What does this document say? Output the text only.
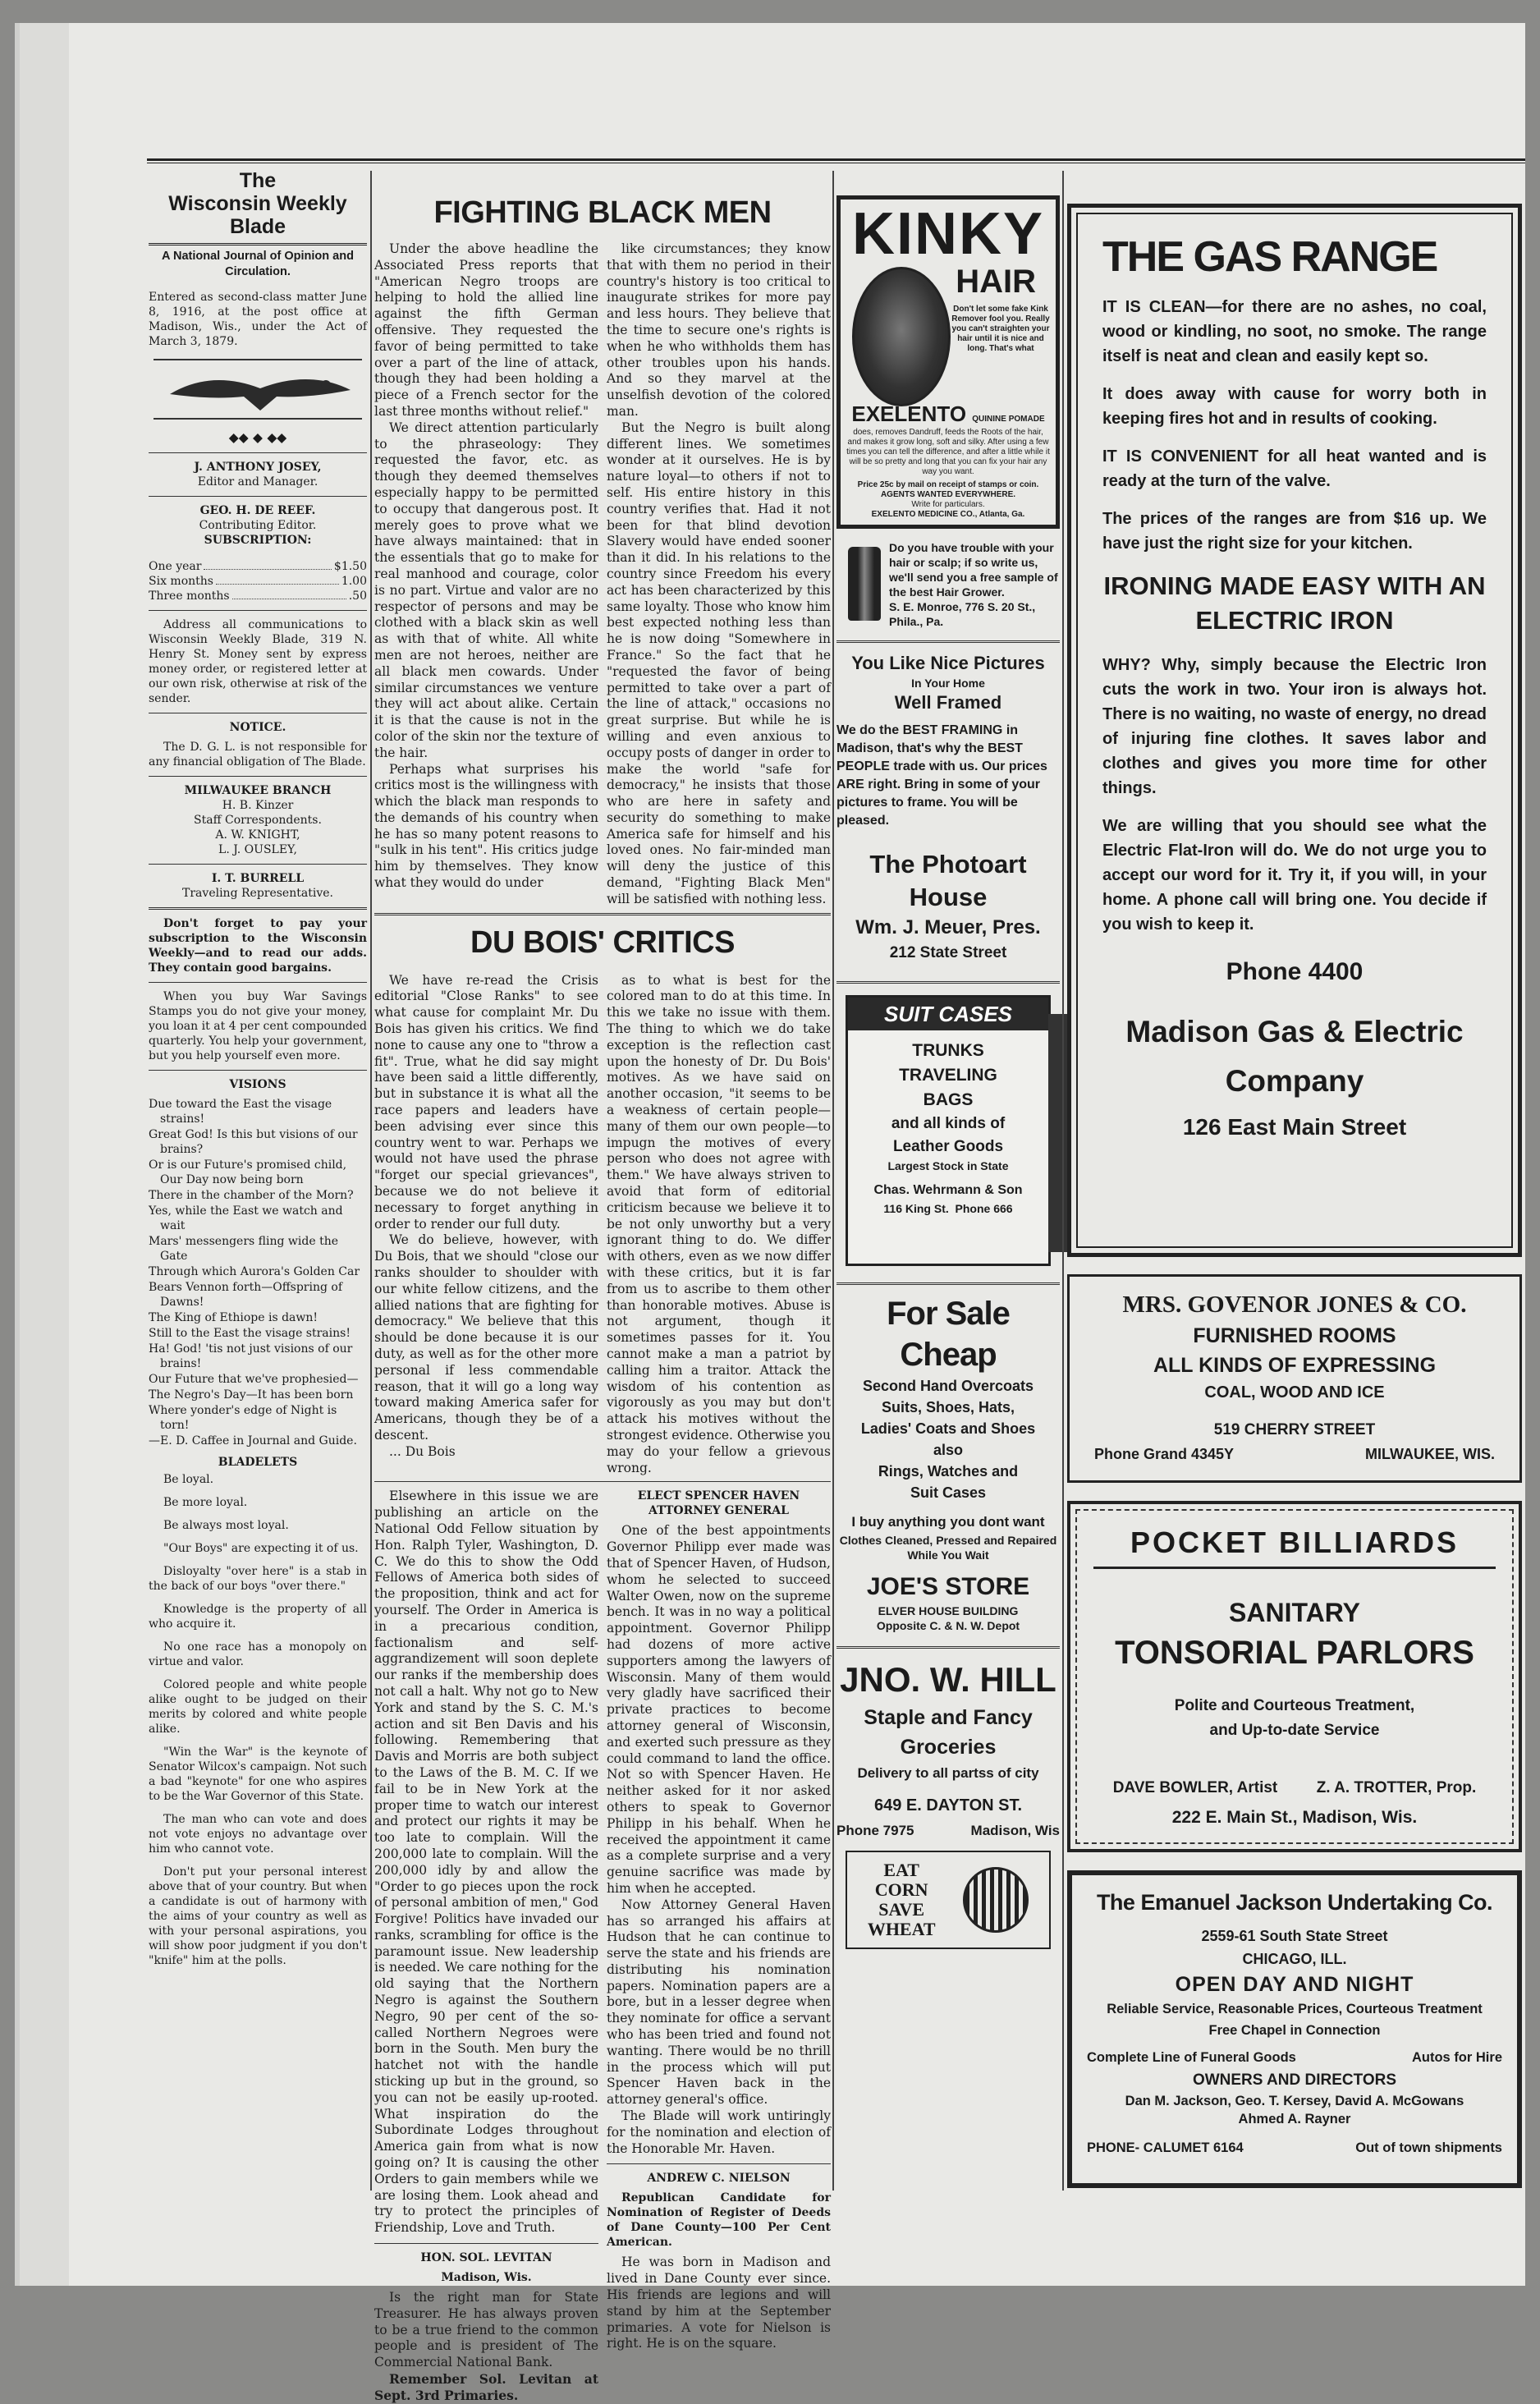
The
Wisconsin Weekly Blade
A National Journal of Opinion and Circulation.

Entered as second-class matter June 8, 1916, at the post office at Madison, Wis., under the Act of March 3, 1879.

◆◆ ◆ ◆◆
J. ANTHONY JOSEY,
Editor and Manager.
GEO. H. DE REEF.
Contributing Editor.
SUBSCRIPTION:
One year	$1.50
Six months	1.00
Three months	.50

Address all communications to Wisconsin Weekly Blade, 319 N. Henry St. Money sent by express money order, or registered letter at our own risk, otherwise at risk of the sender.

NOTICE.

The D. G. L. is not responsible for any financial obligation of The Blade.

MILWAUKEE BRANCH
H. B. Kinzer
Staff Correspondents.
A. W. KNIGHT,
L. J. OUSLEY,
I. T. BURRELL
Traveling Representative.

Don't forget to pay your subscription to the Wisconsin Weekly—and to read our adds. They contain good bargains.

When you buy War Savings Stamps you do not give your money, you loan it at 4 per cent compounded quarterly. You help your government, but you help yourself even more.

VISIONS

Due toward the East the visage strains!

Great God! Is this but visions of our brains?

Or is our Future's promised child, Our Day now being born

There in the chamber of the Morn?

Yes, while the East we watch and wait

Mars' messengers fling wide the Gate

Through which Aurora's Golden Car

Bears Vennon forth—Offspring of Dawns!

The King of Ethiope is dawn!

Still to the East the visage strains!

Ha! God! 'tis not just visions of our brains!

Our Future that we've prophesied—

The Negro's Day—It has been born

Where yonder's edge of Night is torn!

—E. D. Caffee in Journal and Guide.

BLADELETS

Be loyal.

Be more loyal.

Be always most loyal.

"Our Boys" are expecting it of us.

Disloyalty "over here" is a stab in the back of our boys "over there."

Knowledge is the property of all who acquire it.

No one race has a monopoly on virtue and valor.

Colored people and white people alike ought to be judged on their merits by colored and white people alike.

"Win the War" is the keynote of Senator Wilcox's campaign. Not such a bad "keynote" for one who aspires to be the War Governor of this State.

The man who can vote and does not vote enjoys no advantage over him who cannot vote.

Don't put your personal interest above that of your country. But when a candidate is out of harmony with the aims of your country as well as with your personal aspirations, you will show poor judgment if you don't "knife" him at the polls.

FIGHTING BLACK MEN

Under the above headline the Associated Press reports that "American Negro troops are helping to hold the allied line against the fifth German offensive. They requested the favor of being permitted to take over a part of the line of attack, though they had been holding a piece of a French sector for the last three months without relief."

We direct attention particularly to the phraseology: They requested the favor, etc. as though they deemed themselves especially happy to be permitted to occupy that dangerous post. It merely goes to prove what we have always maintained: that in the essentials that go to make for real manhood and courage, color is no part. Virtue and valor are no respector of persons and may be clothed with a black skin as well as with that of white. All white men are not heroes, neither are all black men cowards. Under similar circumstances we venture they will act about alike. Certain it is that the cause is not in the color of the skin nor the texture of the hair.

Perhaps what surprises his critics most is the willingness with which the black man responds to the demands of his country when he has so many potent reasons to "sulk in his tent". His critics judge him by themselves. They know what they would do under

like circumstances; they know that with them no period in their country's history is too critical to inaugurate strikes for more pay and less hours. They believe that the time to secure one's rights is when he who withholds them has other troubles upon his hands. And so they marvel at the unselfish devotion of the colored man.

But the Negro is built along different lines. We sometimes wonder at it ourselves. He is by nature loyal—to others if not to self. His entire history in this country verifies that. Had it not been for that blind devotion Slavery would have ended sooner than it did. In his relations to the country since Freedom his every act has been characterized by this same loyalty. Those who know him best expected nothing less than he is now doing "Somewhere in France." So the fact that he "requested the favor of being permitted to take over a part of the line of attack," occasions no great surprise. But while he is willing and even anxious to occupy posts of danger in order to make the world "safe for democracy," he insists that those who are here in safety and security do something to make America safe for himself and his loved ones. No fair-minded man will deny the justice of this demand, "Fighting Black Men" will be satisfied with nothing less.

DU BOIS' CRITICS

We have re-read the Crisis editorial "Close Ranks" to see what cause for complaint Mr. Du Bois has given his critics. We find none to cause any one to "throw a fit". True, what he did say might have been said a little differently, but in substance it is what all the race papers and leaders have been advising ever since this country went to war. Perhaps we would not have used the phrase "forget our special grievances", because we do not believe it necessary to forget anything in order to render our full duty.

We do believe, however, with Du Bois, that we should "close our ranks shoulder to shoulder with our white fellow citizens, and the allied nations that are fighting for democracy." We believe that this should be done because it is our duty, as well as for the other more personal if less commendable reason, that it will go a long way toward making America safer for Americans, though they be of a descent.

... Du Bois

as to what is best for the colored man to do at this time. In this we take no issue with them. The thing to which we do take exception is the reflection cast upon the honesty of Dr. Du Bois' motives. As we have said on another occasion, "it seems to be a weakness of certain people—many of them our own people—to impugn the motives of every person who does not agree with them." We have always striven to avoid that form of editorial criticism because we believe it to be not only unworthy but a very ignorant thing to do. We differ with others, even as we now differ with these critics, but it is far from us to ascribe to them other than honorable motives. Abuse is not argument, though it sometimes passes for it. You cannot make a man a patriot by calling him a traitor. Attack the wisdom of his contention as vigorously as you may but don't attack his motives without the strongest evidence. Otherwise you may do your fellow a grievous wrong.

Elsewhere in this issue we are publishing an article on the National Odd Fellow situation by Hon. Ralph Tyler, Washington, D. C. We do this to show the Odd Fellows of America both sides of the proposition, think and act for yourself. The Order in America is in a precarious condition, factionalism and self-aggrandizement will soon deplete our ranks if the membership does not call a halt. Why not go to New York and stand by the S. C. M.'s action and sit Ben Davis and his following. Remembering that Davis and Morris are both subject to the Laws of the B. M. C. If we fail to be in New York at the proper time to watch our interest and protect our rights it may be too late to complain. Will the 200,000 late to complain. Will the 200,000 idly by and allow the "Order to go pieces upon the rock of personal ambition of men," God Forgive! Politics have invaded our ranks, scrambling for office is the paramount issue. New leadership is needed. We care nothing for the old saying that the Northern Negro is against the Southern Negro, 90 per cent of the so-called Northern Negroes were born in the South. Men bury the hatchet not with the handle sticking up but in the ground, so you can not be easily up-rooted. What inspiration do the Subordinate Lodges throughout America gain from what is now going on? It is causing the other Orders to gain members while we are losing them. Look ahead and try to protect the principles of Friendship, Love and Truth.

HON. SOL. LEVITAN
Madison, Wis.

Is the right man for State Treasurer. He has always proven to be a true friend to the common people and is president of The Commercial National Bank.

Remember Sol. Levitan at Sept. 3rd Primaries.

ELECT SPENCER HAVEN ATTORNEY GENERAL

One of the best appointments Governor Philipp ever made was that of Spencer Haven, of Hudson, whom he selected to succeed Walter Owen, now on the supreme bench. It was in no way a political appointment. Governor Philipp had dozens of more active supporters among the lawyers of Wisconsin. Many of them would very gladly have sacrificed their private practices to become attorney general of Wisconsin, and exerted such pressure as they could command to land the office. Not so with Spencer Haven. He neither asked for it nor asked others to speak to Governor Philipp in his behalf. When he received the appointment it came as a complete surprise and a very genuine sacrifice was made by him when he accepted.

Now Attorney General Haven has so arranged his affairs at Hudson that he can continue to serve the state and his friends are distributing his nomination papers. Nomination papers are a bore, but in a lesser degree when they nominate for office a servant who has been tried and found not wanting. There would be no thrill in the process which will put Spencer Haven back in the attorney general's office.

The Blade will work untiringly for the nomination and election of the Honorable Mr. Haven.

ANDREW C. NIELSON

Republican Candidate for Nomination of Register of Deeds of Dane County—100 Per Cent American.

He was born in Madison and lived in Dane County ever since. His friends are legions and will stand by him at the September primaries. A vote for Nielson is right. He is on the square.

KINKY
HAIR

Don't let some fake Kink Remover fool you. Really you can't straighten your hair until it is nice and long. That's what

EXELENTO QUININE POMADE

does, removes Dandruff, feeds the Roots of the hair, and makes it grow long, soft and silky. After using a few times you can tell the difference, and after a little while it will be so pretty and long that you can fix your hair any way you want.

Price 25c by mail on receipt of stamps or coin.

AGENTS WANTED EVERYWHERE.

Write for particulars.

EXELENTO MEDICINE CO., Atlanta, Ga.

Do you have trouble with your hair or scalp; if so write us, we'll send you a free sample of the best Hair Grower.

S. E. Monroe, 776 S. 20 St., Phila., Pa.

You Like Nice Pictures
In Your Home
Well Framed

We do the BEST FRAMING in Madison, that's why the BEST PEOPLE trade with us. Our prices ARE right. Bring in some of your pictures to frame. You will be pleased.

The Photoart House
Wm. J. Meuer, Pres.
212 State Street
SUIT CASES
TRUNKS
TRAVELING
BAGS
and all kinds of
Leather Goods
Largest Stock in State
Chas. Wehrmann & Son
116 King St. Phone 666
For Sale Cheap
Second Hand Overcoats
Suits, Shoes, Hats,
Ladies' Coats and Shoes
also
Rings, Watches and
Suit Cases
I buy anything you dont want
Clothes Cleaned, Pressed and Repaired While You Wait
JOE'S STORE
ELVER HOUSE BUILDING
Opposite C. & N. W. Depot
JNO. W. HILL
Staple and Fancy
Groceries
Delivery to all partss of city
649 E. DAYTON ST.
Phone 7975	Madison, Wis
EAT
CORN
SAVE
WHEAT
THE GAS RANGE

IT IS CLEAN—for there are no ashes, no coal, wood or kindling, no soot, no smoke. The range itself is neat and clean and easily kept so.

It does away with cause for worry both in keeping fires hot and in results of cooking.

IT IS CONVENIENT for all heat wanted and is ready at the turn of the valve.

The prices of the ranges are from $16 up. We have just the right size for your kitchen.

IRONING MADE EASY WITH AN ELECTRIC IRON

WHY? Why, simply because the Electric Iron cuts the work in two. Your iron is always hot. There is no waiting, no waste of energy, no dread of injuring fine clothes. It saves labor and clothes and gives you more time for other things.

We are willing that you should see what the Electric Flat-Iron will do. We do not urge you to accept our word for it. Try it, if you will, in your home. A phone call will bring one. You decide if you wish to keep it.

Phone 4400
Madison Gas & Electric Company
126 East Main Street
MRS. GOVENOR JONES & CO.
FURNISHED ROOMS
ALL KINDS OF EXPRESSING
COAL, WOOD AND ICE
519 CHERRY STREET
Phone Grand 4345Y	MILWAUKEE, WIS.
POCKET BILLIARDS
SANITARY
TONSORIAL PARLORS
Polite and Courteous Treatment,
and Up-to-date Service
DAVE BOWLER, Artist Z. A. TROTTER, Prop.
222 E. Main St., Madison, Wis.
The Emanuel Jackson Undertaking Co.
2559-61 South State Street
CHICAGO, ILL.
OPEN DAY AND NIGHT
Reliable Service, Reasonable Prices, Courteous Treatment
Free Chapel in Connection
Complete Line of Funeral Goods	Autos for Hire
OWNERS AND DIRECTORS
Dan M. Jackson, Geo. T. Kersey, David A. McGowans Ahmed A. Rayner
PHONE- CALUMET 6164	Out of town shipments
